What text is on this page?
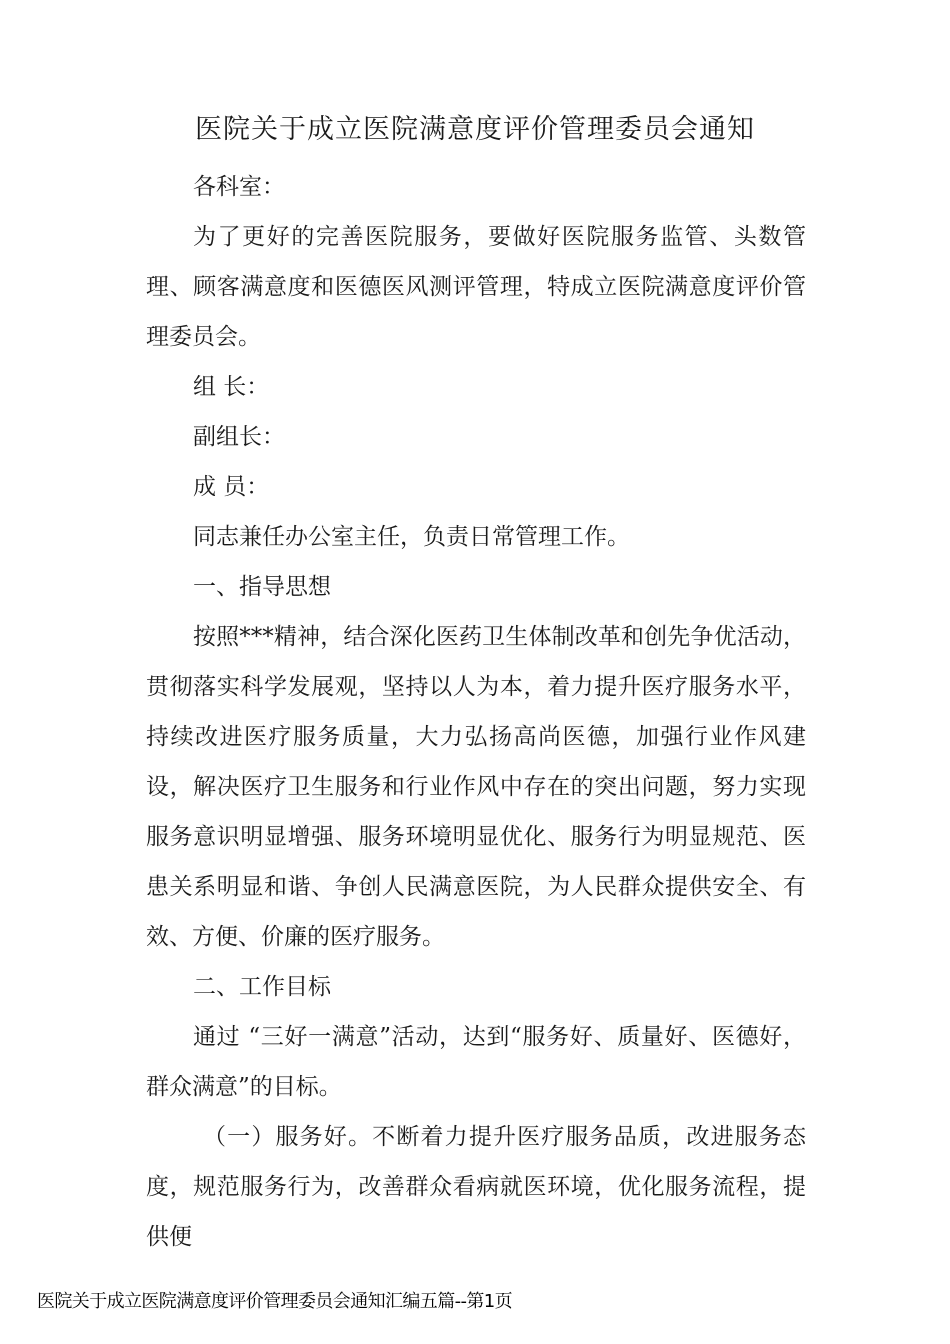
医院关于成立医院满意度评价管理委员会通知

各科室：

为了更好的完善医院服务，要做好医院服务监管、头数管理、顾客满意度和医德医风测评管理，特成立医院满意度评价管理委员会。

组 长：

副组长：

成 员：

同志兼任办公室主任，负责日常管理工作。

一、指导思想

按照***精神，结合深化医药卫生体制改革和创先争优活动，贯彻落实科学发展观，坚持以人为本，着力提升医疗服务水平，持续改进医疗服务质量，大力弘扬高尚医德，加强行业作风建设，解决医疗卫生服务和行业作风中存在的突出问题，努力实现服务意识明显增强、服务环境明显优化、服务行为明显规范、医患关系明显和谐、争创人民满意医院，为人民群众提供安全、有效、方便、价廉的医疗服务。

二、工作目标

通过 “三好一满意”活动，达到“服务好、质量好、医德好，群众满意”的目标。

（一）服务好。不断着力提升医疗服务品质，改进服务态度，规范服务行为，改善群众看病就医环境，优化服务流程，提供便

医院关于成立医院满意度评价管理委员会通知汇编五篇--第1页
